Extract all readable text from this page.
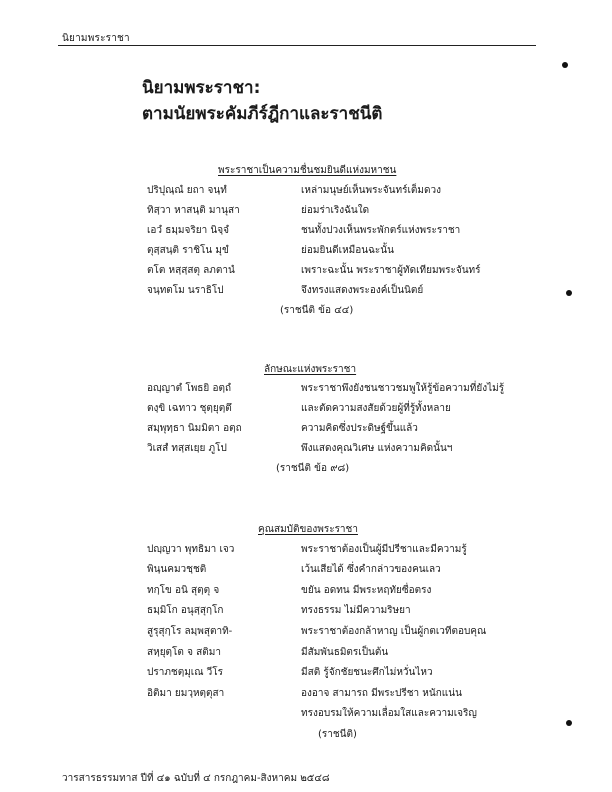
นิยามพระราชา
นิยามพระราชา:
ตามนัยพระคัมภีร์ฎีกาและราชนีติ
พระราชาเป็นความชื่นชมยินดีแห่งมหาชน
ปริปุณฺณํ ยถา จนฺทํ	เหล่ามนุษย์เห็นพระจันทร์เต็มดวง
ทิสฺวา หาสนฺติ มานุสา	ย่อมร่าเริงฉันใด
เอวํ ธมฺมจริยา นิจฺจํ	ชนทั้งปวงเห็นพระพักตร์แห่งพระราชา
ตุสฺสนฺติ ราชิโน มุขํ	ย่อมยินดีเหมือนฉะนั้น
ตโต หสฺสฺสตุ ลภตานํ	เพราะฉะนั้น พระราชาผู้ทัดเทียมพระจันทร์
จนฺทตโม นราธิโป	จึงทรงแสดงพระองค์เป็นนิตย์
(ราชนีติ ข้อ ๔๔)
ลักษณะแห่งพระราชา
อญฺญาตํ โพธยิ อตฺถํ	พระราชาพึงยังชนชาวชมพูให้รู้ข้อความที่ยังไม่รู้
ตงฺขิ เฉทาว ชุตฺยุตฺตึ	และตัดความสงสัยด้วยผู้ที่รู้ทั้งหลาย
สมฺพุทฺธา นิมมิตา อตฺถ	ความคิดซึ่งประดิษฐ์ขึ้นแล้ว
วิเสสํ ทสฺสเยฺย ภูโป	พึงแสดงคุณวิเศษ แห่งความคิดนั้นฯ
(ราชนีติ ข้อ ๙๘)
คุณสมบัติของพระราชา
ปญฺญวา พุทธิมา เจว	พระราชาต้องเป็นผู้มีปรีชาและมีความรู้
พินฺนคมวชฺชติ	เว้นเสียได้ ซึ่งคำกล่าวของคนเลว
ทกฺโข อนิ สุตฺตุ จ	ขยัน อดทน มีพระหฤทัยซื่อตรง
ธมฺมิโก อนุสฺสุกฺโก	ทรงธรรม ไม่มีความริษยา
สูรุสุกฺโร ลมฺพสุตาทิ-	พระราชาต้องกล้าหาญ เป็นผู้กตเวทีตอบคุณ
สหฺยุตฺโต จ สติมา	มีสัมพันธมิตรเป็นต้น
ปราภชตฺมุเณ วีโร	มีสติ รู้จักชัยชนะศึกไม่หวั่นไหว
อิติมา ยมวฺหตฺตุสา	องอาจ สามารถ มีพระปรีชา หนักแน่น
ทรงอบรมให้ความเลื่อมใสและความเจริญ
(ราชนีติ)
วารสารธรรมทาส ปีที่ ๔๑ ฉบับที่ ๔ กรกฎาคม-สิงหาคม ๒๕๔๘
